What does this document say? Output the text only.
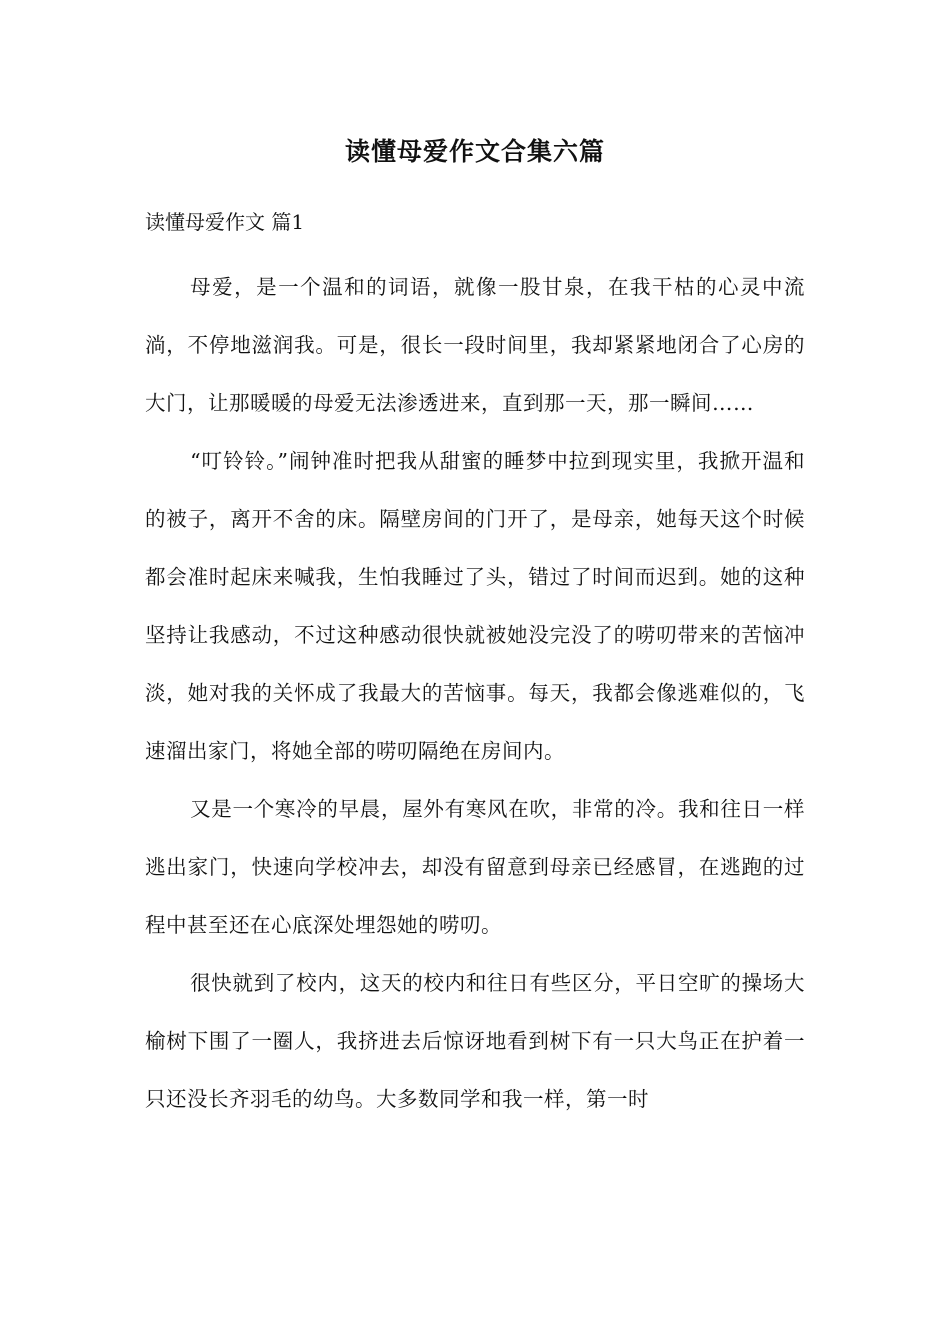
读懂母爱作文合集六篇
读懂母爱作文 篇1

母爱，是一个温和的词语，就像一股甘泉，在我干枯的心灵中流淌，不停地滋润我。可是，很长一段时间里，我却紧紧地闭合了心房的大门，让那暖暖的母爱无法渗透进来，直到那一天，那一瞬间……

“叮铃铃。”闹钟准时把我从甜蜜的睡梦中拉到现实里，我掀开温和的被子，离开不舍的床。隔壁房间的门开了，是母亲，她每天这个时候都会准时起床来喊我，生怕我睡过了头，错过了时间而迟到。她的这种坚持让我感动，不过这种感动很快就被她没完没了的唠叨带来的苦恼冲淡，她对我的关怀成了我最大的苦恼事。每天，我都会像逃难似的，飞速溜出家门，将她全部的唠叨隔绝在房间内。

又是一个寒冷的早晨，屋外有寒风在吹，非常的冷。我和往日一样逃出家门，快速向学校冲去，却没有留意到母亲已经感冒，在逃跑的过程中甚至还在心底深处埋怨她的唠叨。

很快就到了校内，这天的校内和往日有些区分，平日空旷的操场大榆树下围了一圈人，我挤进去后惊讶地看到树下有一只大鸟正在护着一只还没长齐羽毛的幼鸟。大多数同学和我一样，第一时
